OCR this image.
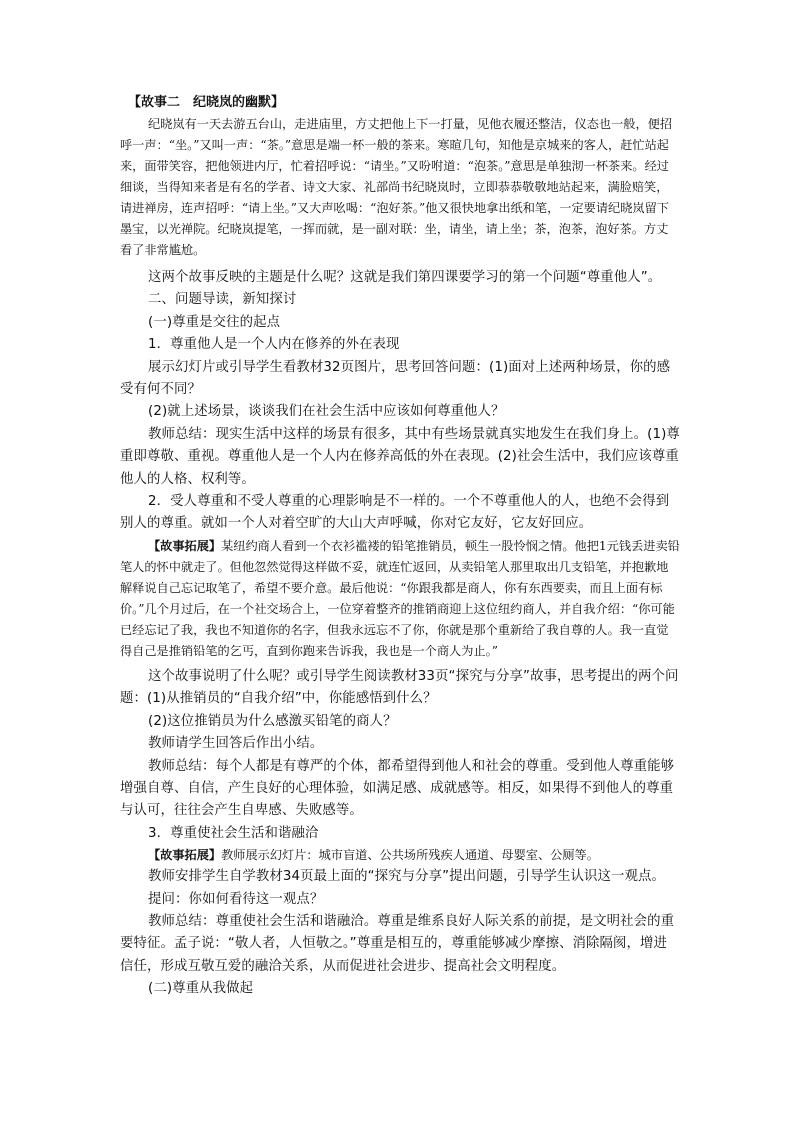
【故事二　纪晓岚的幽默】

纪晓岚有一天去游五台山，走进庙里，方丈把他上下一打量，见他衣履还整洁，仪态也一般，便招呼一声：“坐。”又叫一声：“茶。”意思是端一杯一般的茶来。寒暄几句，知他是京城来的客人，赶忙站起来，面带笑容，把他领进内厅，忙着招呼说：“请坐。”又吩咐道：“泡茶。”意思是单独沏一杯茶来。经过细谈，当得知来者是有名的学者、诗文大家、礼部尚书纪晓岚时，立即恭恭敬敬地站起来，满脸赔笑，请进禅房，连声招呼：“请上坐。”又大声吆喝：“泡好茶。”他又很快地拿出纸和笔，一定要请纪晓岚留下墨宝，以光禅院。纪晓岚提笔，一挥而就，是一副对联：坐，请坐，请上坐；茶，泡茶，泡好茶。方丈看了非常尴尬。

这两个故事反映的主题是什么呢？这就是我们第四课要学习的第一个问题“尊重他人”。

二、问题导读，新知探讨

(一)尊重是交往的起点

1．尊重他人是一个人内在修养的外在表现

展示幻灯片或引导学生看教材32页图片，思考回答问题：(1)面对上述两种场景，你的感受有何不同？

(2)就上述场景，谈谈我们在社会生活中应该如何尊重他人？

教师总结：现实生活中这样的场景有很多，其中有些场景就真实地发生在我们身上。(1)尊重即尊敬、重视。尊重他人是一个人内在修养高低的外在表现。(2)社会生活中，我们应该尊重他人的人格、权利等。

2．受人尊重和不受人尊重的心理影响是不一样的。一个不尊重他人的人，也绝不会得到别人的尊重。就如一个人对着空旷的大山大声呼喊，你对它友好，它友好回应。

【故事拓展】某纽约商人看到一个衣衫褴褛的铅笔推销员，顿生一股怜悯之情。他把1元钱丢进卖铅笔人的怀中就走了。但他忽然觉得这样做不妥，就连忙返回，从卖铅笔人那里取出几支铅笔，并抱歉地解释说自己忘记取笔了，希望不要介意。最后他说：“你跟我都是商人，你有东西要卖，而且上面有标价。”几个月过后，在一个社交场合上，一位穿着整齐的推销商迎上这位纽约商人，并自我介绍：“你可能已经忘记了我，我也不知道你的名字，但我永远忘不了你，你就是那个重新给了我自尊的人。我一直觉得自己是推销铅笔的乞丐，直到你跑来告诉我，我也是一个商人为止。”

这个故事说明了什么呢？或引导学生阅读教材33页“探究与分享”故事，思考提出的两个问题：(1)从推销员的“自我介绍”中，你能感悟到什么？

(2)这位推销员为什么感激买铅笔的商人？

教师请学生回答后作出小结。

教师总结：每个人都是有尊严的个体，都希望得到他人和社会的尊重。受到他人尊重能够增强自尊、自信，产生良好的心理体验，如满足感、成就感等。相反，如果得不到他人的尊重与认可，往往会产生自卑感、失败感等。

3．尊重使社会生活和谐融洽

【故事拓展】教师展示幻灯片：城市盲道、公共场所残疾人通道、母婴室、公厕等。

教师安排学生自学教材34页最上面的“探究与分享”提出问题，引导学生认识这一观点。

提问：你如何看待这一观点？

教师总结：尊重使社会生活和谐融洽。尊重是维系良好人际关系的前提，是文明社会的重要特征。孟子说：“敬人者，人恒敬之。”尊重是相互的，尊重能够减少摩擦、消除隔阂，增进信任，形成互敬互爱的融洽关系，从而促进社会进步、提高社会文明程度。

(二)尊重从我做起
